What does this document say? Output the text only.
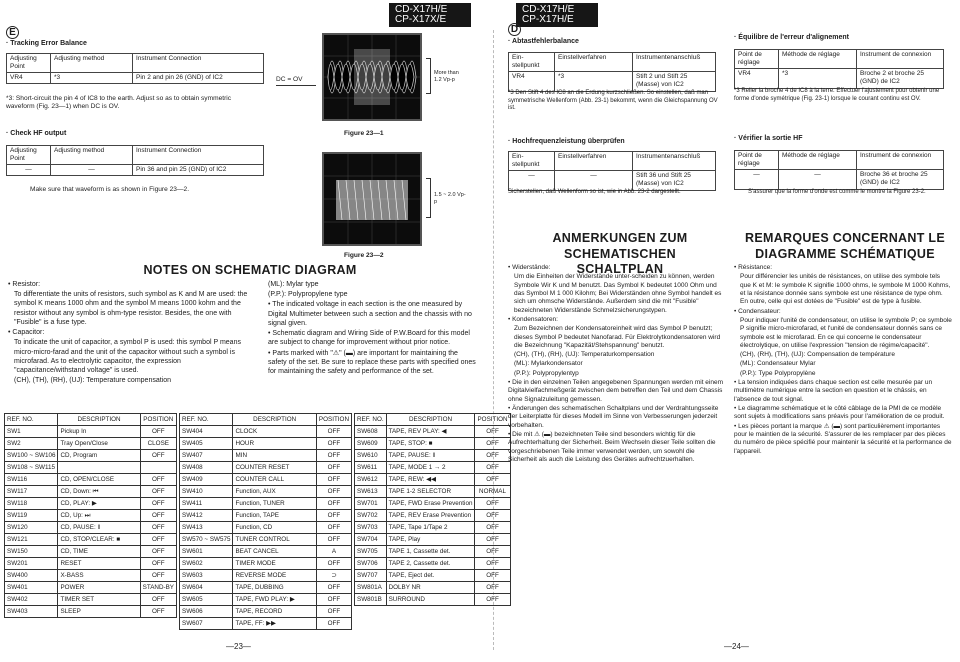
CD-X17H/E
CP-X17X/E
CD-X17H/E
CP-X17H/E
E
· Tracking Error Balance
Adjusting Point	Adjusting method	Instrument Connection
VR4	*3	Pin 2 and pin 26 (GND) of IC2
*3: Short-circuit the pin 4 of IC8 to the earth. Adjust so as to obtain symmetric waveform (Fig. 23—1) when DC is OV.
· Check HF output
Adjusting Point	Adjusting method	Instrument Connection
—	—	Pin 36 and pin 25 (GND) of IC2
Make sure that waveform is as shown in Figure 23—2.
DC = OV
More than 1.2 Vp-p
Figure 23—1
1.5 ~ 2.0 Vp-p
Figure 23—2
NOTES ON SCHEMATIC DIAGRAM
• Resistor:
To differentiate the units of resistors, such symbol as K and M are used: the symbol K means 1000 ohm and the symbol M means 1000 kohm and the resistor without any symbol is ohm-type resistor. Besides, the one with "Fusible" is a fuse type.
• Capacitor:
To indicate the unit of capacitor, a symbol P is used: this symbol P means micro-micro-farad and the unit of the capacitor without such a symbol is microfarad. As to electrolytic capacitor, the expression "capacitance/withstand voltage" is used.
(CH), (TH), (RH), (UJ): Temperature compensation
(ML): Mylar type
(P.P.): Polypropylene type
• The indicated voltage in each section is the one measured by Digital Multimeter between such a section and the chassis with no signal given.
• Schematic diagram and Wiring Side of P.W.Board for this model are subject to change for improvement without prior notice.
• Parts marked with "⚠" (▬) are important for maintaining the safety of the set. Be sure to replace these parts with specified ones for maintaining the safety and performance of the set.
REF. NO.	DESCRIPTION	POSITION
SW1	Pickup In	OFF
SW2	Tray Open/Close	CLOSE
SW100 ~ SW106	CD, Program	OFF
SW108 ~ SW115		
SW116	CD, OPEN/CLOSE	OFF
SW117	CD, Down: ⏮	OFF
SW118	CD, PLAY: ▶	OFF
SW119	CD, Up: ⏭	OFF
SW120	CD, PAUSE: ‖	OFF
SW121	CD, STOP/CLEAR: ■	OFF
SW150	CD, TIME	OFF
SW201	RESET	OFF
SW400	X-BASS	OFF
SW401	POWER	STAND-BY
SW402	TIMER SET	OFF
SW403	SLEEP	OFF
REF. NO.	DESCRIPTION	POSITION
SW404	CLOCK	OFF
SW405	HOUR	OFF
SW407	MIN	OFF
SW408	COUNTER RESET	OFF
SW409	COUNTER CALL	OFF
SW410	Function, AUX	OFF
SW411	Function, TUNER	OFF
SW412	Function, TAPE	OFF
SW413	Function, CD	OFF
SW570 ~ SW575	TUNER CONTROL	OFF
SW601	BEAT CANCEL	A
SW602	TIMER MODE	OFF
SW603	REVERSE MODE	⊃
SW604	TAPE, DUBBING	OFF
SW605	TAPE, FWD PLAY: ▶	OFF
SW606	TAPE, RECORD	OFF
SW607	TAPE, FF: ▶▶	OFF
REF. NO.	DESCRIPTION	POSITION
SW608	TAPE, REV PLAY: ◀	OFF
SW609	TAPE, STOP: ■	OFF
SW610	TAPE, PAUSE: ‖	OFF
SW611	TAPE, MODE 1 → 2	OFF
SW612	TAPE, REW: ◀◀	OFF
SW613	TAPE 1-2 SELECTOR	NORMAL
SW701	TAPE, FWD Erase Prevention	OFF
SW702	TAPE, REV Erase Prevention	OFF
SW703	TAPE, Tape 1/Tape 2	OFF
SW704	TAPE, Play	OFF
SW705	TAPE 1, Cassette det.	OFF
SW706	TAPE 2, Cassette det.	OFF
SW707	TAPE, Eject det.	OFF
SW801A	DOLBY NR	OFF
SW801B	SURROUND	OFF
—23—
D
· Abtastfehlerbalance
Ein-stellpunkt	Einstellverfahren	Instrumentenanschluß
VR4	*3	Stift 2 und Stift 25 (Masse) von IC2
*3 Den Stift 4 des IC8 an die Erdung kurzschließen. So einstellen, daß man symmetrische Wellenform (Abb. 23-1) bekommt, wenn die Gleichspannung OV ist.
· Hochfrequenzleistung überprüfen
Ein-stellpunkt	Einstellverfahren	Instrumentenanschluß
—	—	Stift 36 und Stift 25 (Masse) von IC2
Sicherstellen, daß Wellenform so ist, wie in Abb. 23-2 dargestellt.
· Équilibre de l'erreur d'alignement
Point de réglage	Méthode de réglage	Instrument de connexion
VR4	*3	Broche 2 et broche 25 (GND) de IC2
*3 Relier la broche 4 de IC8 à la terre. Effectuer l'ajustement pour obtenir une forme d'onde symétrique (Fig. 23-1) lorsque le courant continu est OV.
· Vérifier la sortie HF
Point de réglage	Méthode de réglage	Instrument de connexion
—	—	Broche 36 et broche 25 (GND) de IC2
S'assurer que la forme d'onde est comme le montre la Figure 23-2.
ANMERKUNGEN ZUM SCHEMATISCHEN SCHALTPLAN
• Widerstände:
Um die Einheiten der Widerstände unter-scheiden zu können, werden Symbole Wir K und M benutzt. Das Symbol K bedeutet 1000 Ohm und das Symbol M 1 000 Kilohm; Bei Widerständen ohne Symbol handelt es sich um ohmsche Widerstände. Außerdem sind die mit "Fusible" bezeichneten Widerstände Schmelzsicherungstypen.
• Kondensatoren:
Zum Bezeichnen der Kondensatoreinheit wird das Symbol P benutzt; dieses Symbol P bedeutet Nanofarad. Für Elektrolytkondensatoren wird die Bezeichnung "Kapazität/Stehspannung" benutzt.
(CH), (TH), (RH), (UJ): Temperaturkompensation
(ML): Mylarkondensator
(P.P.): Polypropylentyp
• Die in den einzelnen Teilen angegebenen Spannungen werden mit einem Digitalvielfachmeßgerät zwischen dem betreffen den Teil und dem Chassis ohne Signalzuleitung gemessen.
• Änderungen des schematischen Schaltplans und der Verdrahtungsseite der Leiterplatte für dieses Modell im Sinne von Verbesserungen jederzeit vorbehalten.
• Die mit ⚠ (▬) bezeichneten Teile sind besonders wichtig für die Aufrechterhaltung der Sicherheit. Beim Wechseln dieser Teile sollten die vorgeschriebenen Teile immer verwendet werden, um sowohl die Sicherheit als auch die Leistung des Gerätes aufrechtzuerhalten.
REMARQUES CONCERNANT LE DIAGRAMME SCHÉMATIQUE
• Résistance:
Pour différencier les unités de résistances, on utilise des symbole tels que K et M: le symbole K signifie 1000 ohms, le symbole M 1000 Kohms, et la résistance donnée sans symbole est une résistance de type ohm. En outre, celle qui est dotées de "Fusible" est de type à fusible.
• Condensateur:
Pour indiquer l'unité de condensateur, on utilise le symbole P; ce symbole P signifie micro-microfarad, et l'unité de condensateur donnés sans ce symbole est le microfarad. En ce qui concerne le condensateur électrolytique, on utilise l'expression "tension de régime/capacité".
(CH), (RH), (TH), (UJ): Compensation de température
(ML): Condensateur Mylar
(P.P.): Type Polypropylène
• La tension indiquées dans chaque section est celle mesurée par un multimètre numérique entre la section en question et le châssis, en l'absence de tout signal.
• Le diagramme schématique et le côté câblage de la PMI de ce modèle sont sujets à modifications sans préavis pour l'amélioration de ce produit.
• Les pièces portant la marque ⚠ (▬) sont particulièrement importantes pour le maintien de la sécurité. S'assurer de les remplacer par des pièces du numéro de pièce spécifié pour maintenir la sécurité et la performance de l'appareil.
—24—
